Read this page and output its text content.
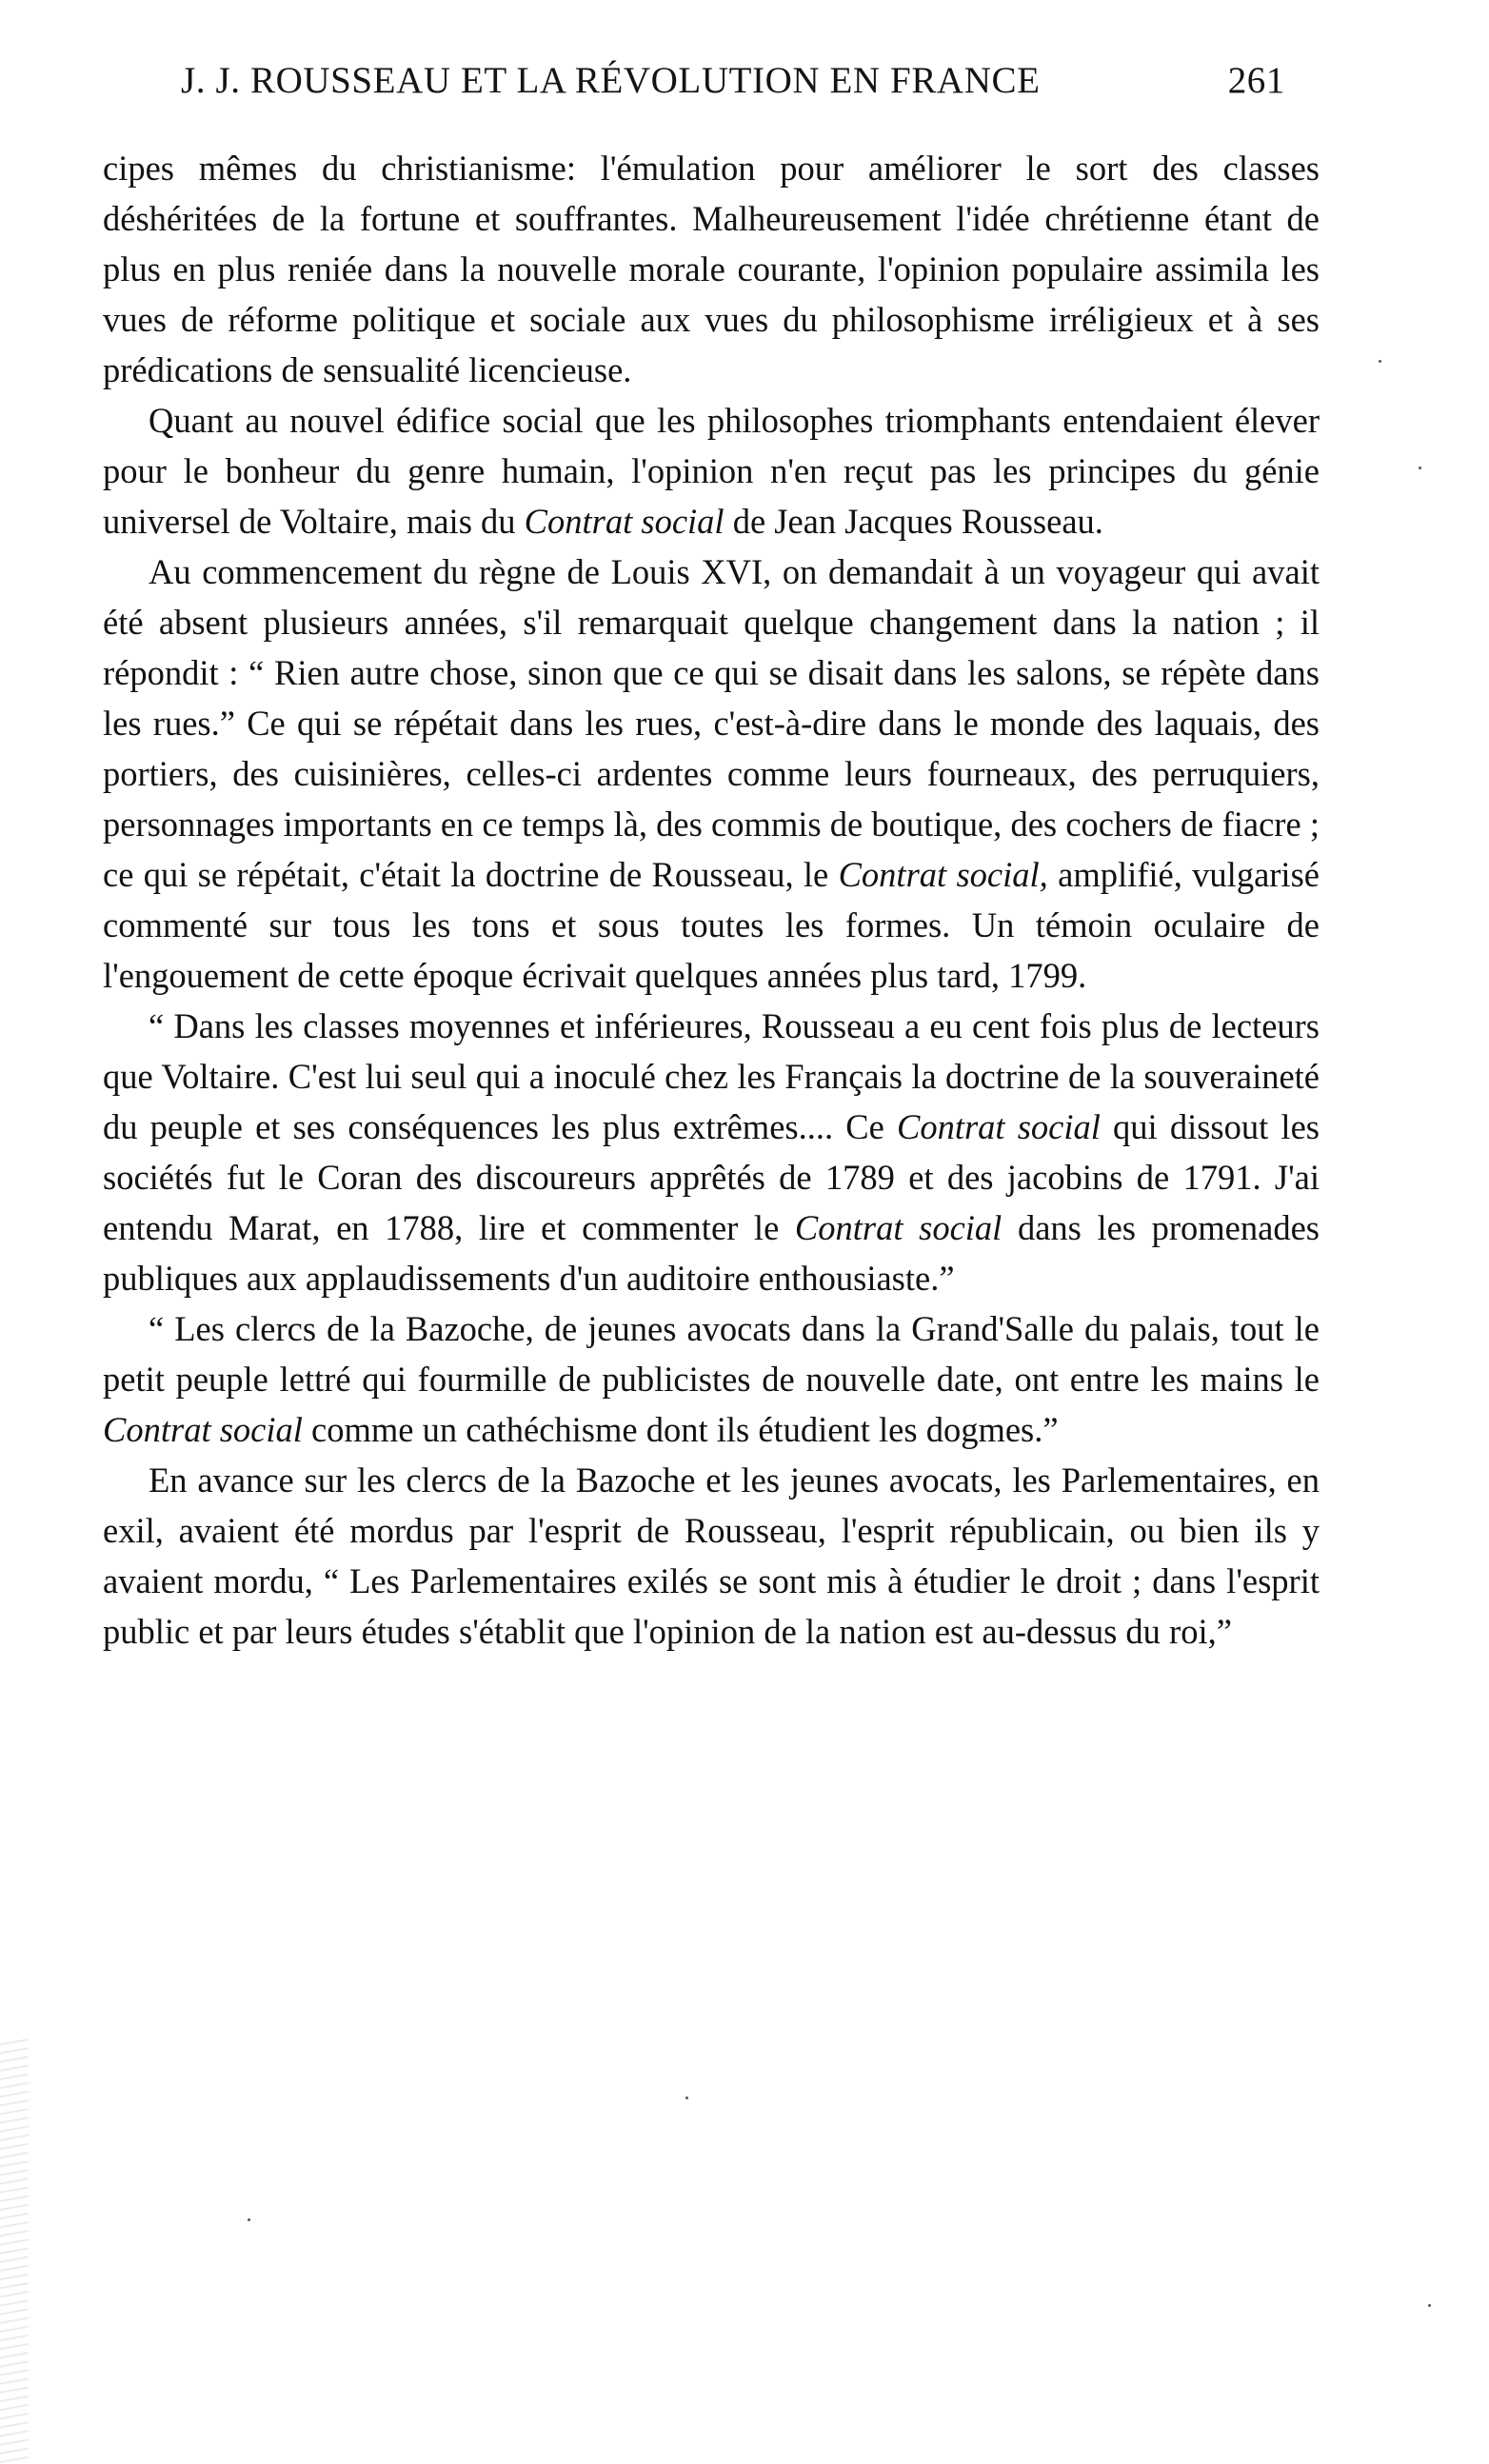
J. J. ROUSSEAU ET LA RÉVOLUTION EN FRANCE	261

cipes mêmes du christianisme: l'émulation pour améliorer le sort des classes déshéritées de la fortune et souffrantes. Malheureusement l'idée chrétienne étant de plus en plus reniée dans la nouvelle morale courante, l'opinion populaire assimila les vues de réforme politique et sociale aux vues du philosophisme irréligieux et à ses prédications de sensualité licencieuse.

Quant au nouvel édifice social que les philosophes triomphants entendaient élever pour le bonheur du genre humain, l'opinion n'en reçut pas les principes du génie universel de Voltaire, mais du Contrat social de Jean Jacques Rousseau.

Au commencement du règne de Louis XVI, on demandait à un voyageur qui avait été absent plusieurs années, s'il remarquait quelque changement dans la nation ; il répondit : “ Rien autre chose, sinon que ce qui se disait dans les salons, se répète dans les rues.” Ce qui se répétait dans les rues, c'est-à-dire dans le monde des laquais, des portiers, des cuisinières, celles-ci ardentes comme leurs fourneaux, des perruquiers, personnages importants en ce temps là, des commis de boutique, des cochers de fiacre ; ce qui se répétait, c'était la doctrine de Rousseau, le Contrat social, amplifié, vulgarisé commenté sur tous les tons et sous toutes les formes. Un témoin oculaire de l'engouement de cette époque écrivait quelques années plus tard, 1799.

“ Dans les classes moyennes et inférieures, Rousseau a eu cent fois plus de lecteurs que Voltaire. C'est lui seul qui a inoculé chez les Français la doctrine de la souveraineté du peuple et ses conséquences les plus extrêmes.... Ce Contrat social qui dissout les sociétés fut le Coran des discoureurs apprêtés de 1789 et des jacobins de 1791. J'ai entendu Marat, en 1788, lire et commenter le Contrat social dans les promenades publiques aux applaudissements d'un auditoire enthousiaste.”

“ Les clercs de la Bazoche, de jeunes avocats dans la Grand'Salle du palais, tout le petit peuple lettré qui fourmille de publicistes de nouvelle date, ont entre les mains le Contrat social comme un cathéchisme dont ils étudient les dogmes.”

En avance sur les clercs de la Bazoche et les jeunes avocats, les Parlementaires, en exil, avaient été mordus par l'esprit de Rousseau, l'esprit républicain, ou bien ils y avaient mordu, “ Les Parlementaires exilés se sont mis à étudier le droit ; dans l'esprit public et par leurs études s'établit que l'opinion de la nation est au-dessus du roi,”
